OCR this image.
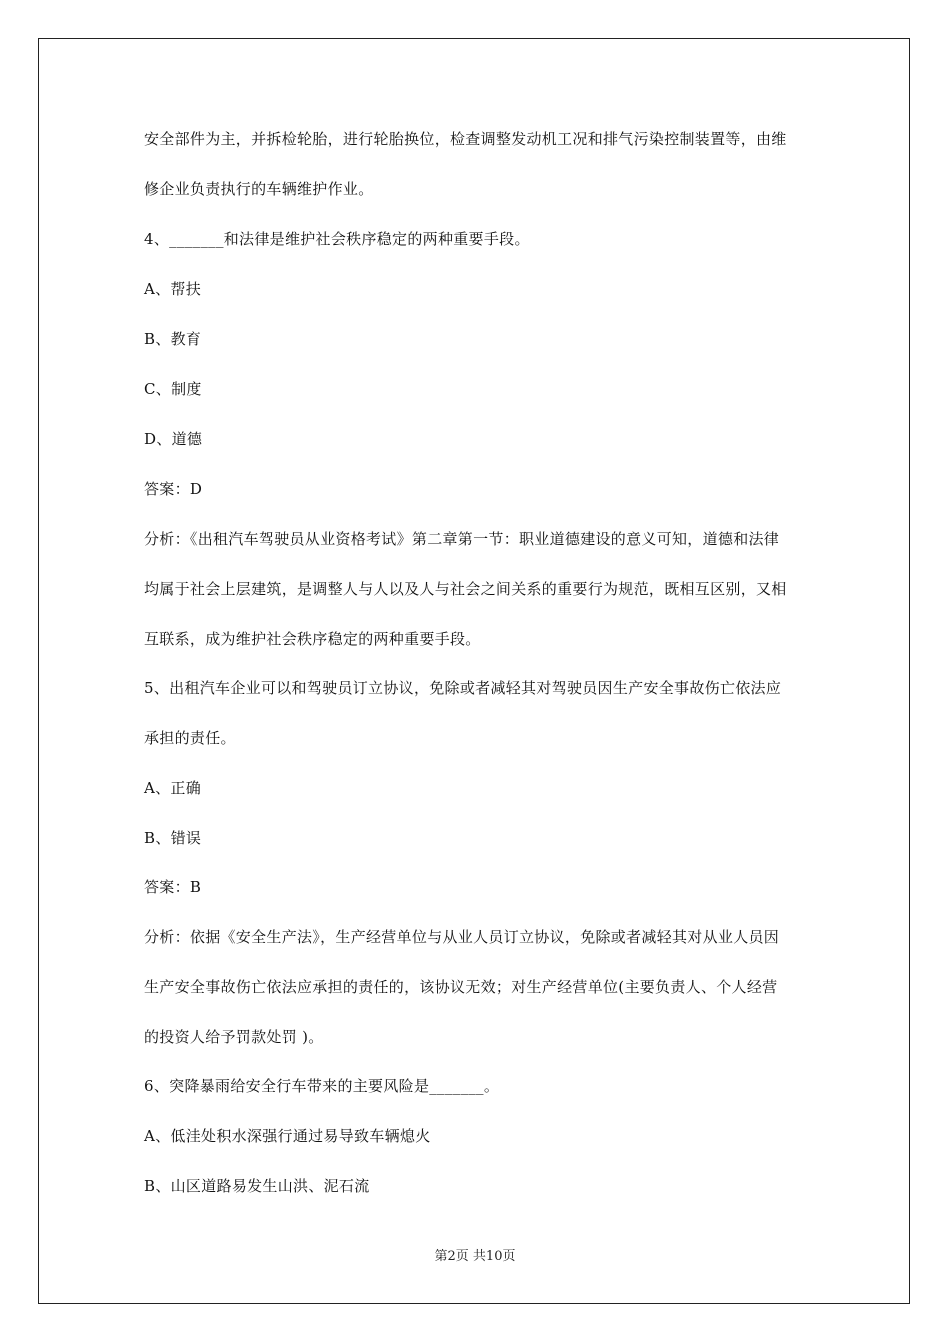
安全部件为主，并拆检轮胎，进行轮胎换位，检查调整发动机工况和排气污染控制装置等，由维
修企业负责执行的车辆维护作业。
4、_______和法律是维护社会秩序稳定的两种重要手段。
A、帮扶
B、教育
C、制度
D、道德
答案：D
分析：《出租汽车驾驶员从业资格考试》第二章第一节：职业道德建设的意义可知，道德和法律
均属于社会上层建筑，是调整人与人以及人与社会之间关系的重要行为规范，既相互区别，又相
互联系，成为维护社会秩序稳定的两种重要手段。
5、出租汽车企业可以和驾驶员订立协议，免除或者减轻其对驾驶员因生产安全事故伤亡依法应
承担的责任。
A、正确
B、错误
答案：B
分析：依据《安全生产法》，生产经营单位与从业人员订立协议，免除或者减轻其对从业人员因
生产安全事故伤亡依法应承担的责任的，该协议无效；对生产经营单位(主要负责人、个人经营
的投资人给予罚款处罚 )。
6、突降暴雨给安全行车带来的主要风险是_______。
A、低洼处积水深强行通过易导致车辆熄火
B、山区道路易发生山洪、泥石流
第2页 共10页
